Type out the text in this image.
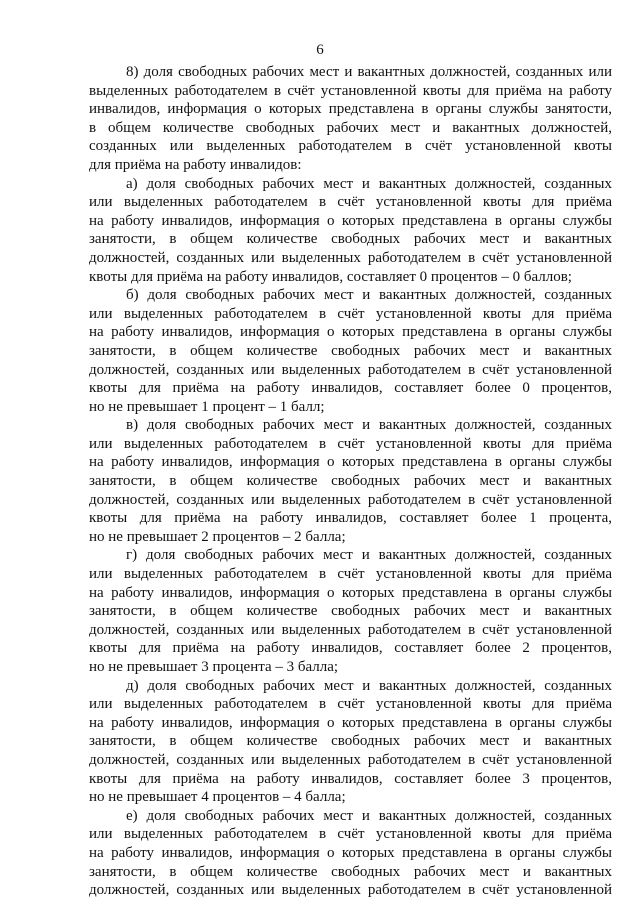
6

8) доля свободных рабочих мест и вакантных должностей, созданных или
выделенных работодателем в счёт установленной квоты для приёма на работу
инвалидов, информация о которых представлена в органы службы занятости,
в общем количестве свободных рабочих мест и вакантных должностей,
созданных или выделенных работодателем в счёт установленной квоты
для приёма на работу инвалидов:

а) доля свободных рабочих мест и вакантных должностей, созданных
или выделенных работодателем в счёт установленной квоты для приёма
на работу инвалидов, информация о которых представлена в органы службы
занятости, в общем количестве свободных рабочих мест и вакантных
должностей, созданных или выделенных работодателем в счёт установленной
квоты для приёма на работу инвалидов, составляет 0 процентов – 0 баллов;

б) доля свободных рабочих мест и вакантных должностей, созданных
или выделенных работодателем в счёт установленной квоты для приёма
на работу инвалидов, информация о которых представлена в органы службы
занятости, в общем количестве свободных рабочих мест и вакантных
должностей, созданных или выделенных работодателем в счёт установленной
квоты для приёма на работу инвалидов, составляет более 0 процентов,
но не превышает 1 процент – 1 балл;

в) доля свободных рабочих мест и вакантных должностей, созданных
или выделенных работодателем в счёт установленной квоты для приёма
на работу инвалидов, информация о которых представлена в органы службы
занятости, в общем количестве свободных рабочих мест и вакантных
должностей, созданных или выделенных работодателем в счёт установленной
квоты для приёма на работу инвалидов, составляет более 1 процента,
но не превышает 2 процентов – 2 балла;

г) доля свободных рабочих мест и вакантных должностей, созданных
или выделенных работодателем в счёт установленной квоты для приёма
на работу инвалидов, информация о которых представлена в органы службы
занятости, в общем количестве свободных рабочих мест и вакантных
должностей, созданных или выделенных работодателем в счёт установленной
квоты для приёма на работу инвалидов, составляет более 2 процентов,
но не превышает 3 процента – 3 балла;

д) доля свободных рабочих мест и вакантных должностей, созданных
или выделенных работодателем в счёт установленной квоты для приёма
на работу инвалидов, информация о которых представлена в органы службы
занятости, в общем количестве свободных рабочих мест и вакантных
должностей, созданных или выделенных работодателем в счёт установленной
квоты для приёма на работу инвалидов, составляет более 3 процентов,
но не превышает 4 процентов – 4 балла;

е) доля свободных рабочих мест и вакантных должностей, созданных
или выделенных работодателем в счёт установленной квоты для приёма
на работу инвалидов, информация о которых представлена в органы службы
занятости, в общем количестве свободных рабочих мест и вакантных
должностей, созданных или выделенных работодателем в счёт установленной
